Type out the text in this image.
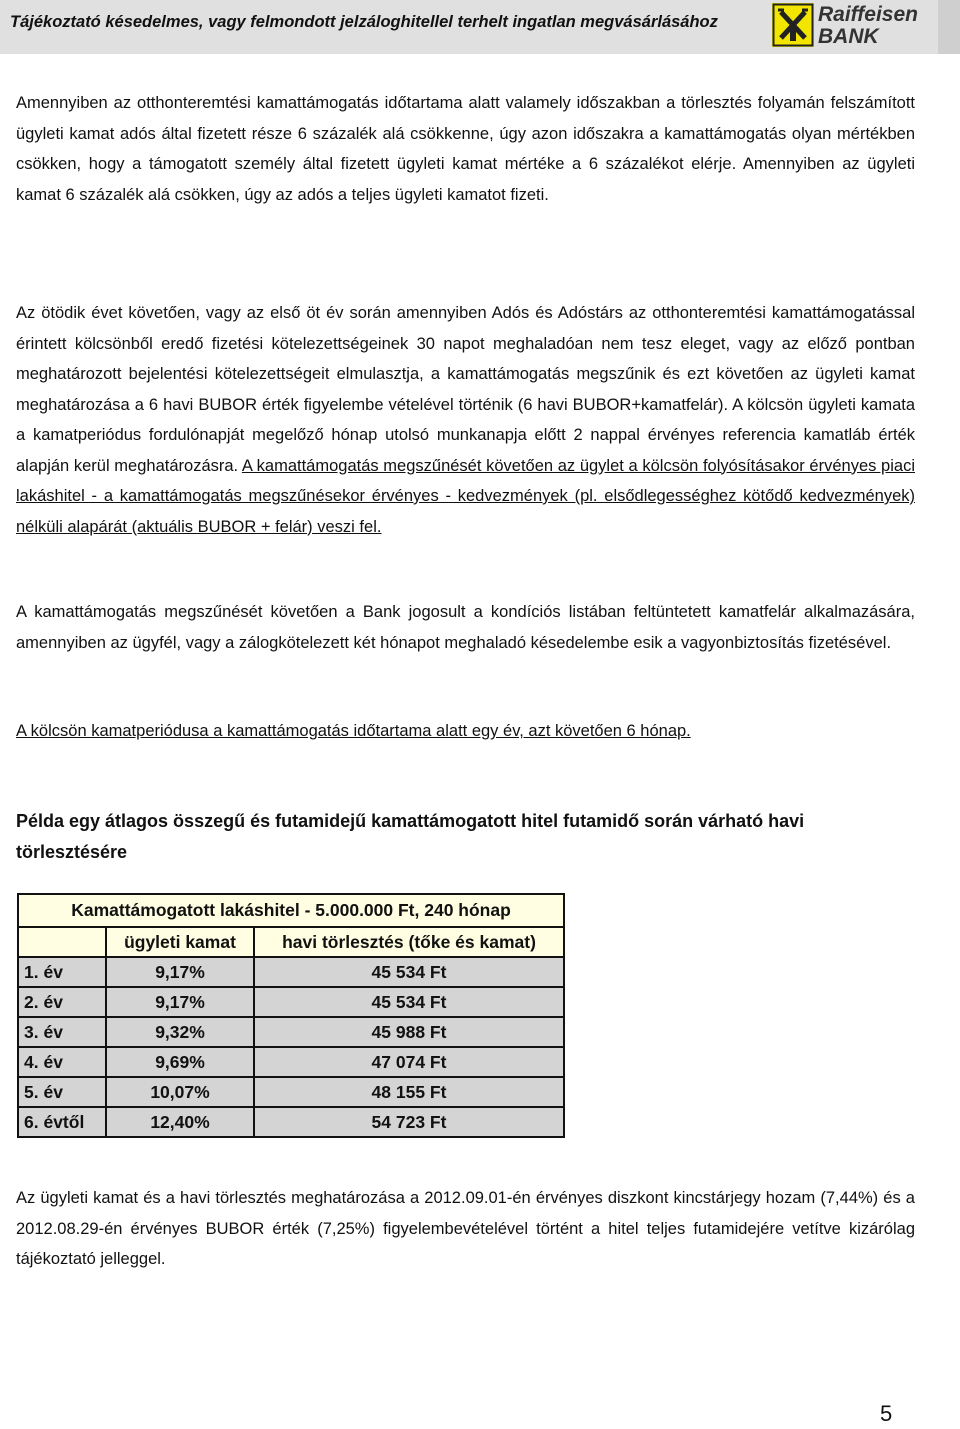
Tájékoztató késedelmes, vagy felmondott jelzáloghitellel terhelt ingatlan megvásárlásához	Raiffeisen
BANK

Amennyiben az otthonteremtési kamattámogatás időtartama alatt valamely időszakban a törlesztés folyamán felszámított ügyleti kamat adós által fizetett része 6 százalék alá csökkenne, úgy azon időszakra a kamattámogatás olyan mértékben csökken, hogy a támogatott személy által fizetett ügyleti kamat mértéke a 6 százalékot elérje. Amennyiben az ügyleti kamat 6 százalék alá csökken, úgy az adós a teljes ügyleti kamatot fizeti.

Az ötödik évet követően, vagy az első öt év során amennyiben Adós és Adóstárs az otthonteremtési kamattámogatással érintett kölcsönből eredő fizetési kötelezettségeinek 30 napot meghaladóan nem tesz eleget, vagy az előző pontban meghatározott bejelentési kötelezettségeit elmulasztja, a kamattámogatás megszűnik és ezt követően az ügyleti kamat meghatározása a 6 havi BUBOR érték figyelembe vételével történik (6 havi BUBOR+kamatfelár). A kölcsön ügyleti kamata a kamatperiódus fordulónapját megelőző hónap utolsó munkanapja előtt 2 nappal érvényes referencia kamatláb érték alapján kerül meghatározásra. A kamattámogatás megszűnését követően az ügylet a kölcsön folyósításakor érvényes piaci lakáshitel - a kamattámogatás megszűnésekor érvényes - kedvezmények (pl. elsődlegességhez kötődő kedvezmények) nélküli alapárát (aktuális BUBOR + felár) veszi fel.

A kamattámogatás megszűnését követően a Bank jogosult a kondíciós listában feltüntetett kamatfelár alkalmazására, amennyiben az ügyfél, vagy a zálogkötelezett két hónapot meghaladó késedelembe esik a vagyonbiztosítás fizetésével.

A kölcsön kamatperiódusa a kamattámogatás időtartama alatt egy év, azt követően 6 hónap.

Példa egy átlagos összegű és futamidejű kamattámogatott hitel futamidő során várható havi törlesztésére

Kamattámogatott lakáshitel - 5.000.000 Ft, 240 hónap		
	ügyleti kamat	havi törlesztés (tőke és kamat)
1. év	9,17%	45 534 Ft
2. év	9,17%	45 534 Ft
3. év	9,32%	45 988 Ft
4. év	9,69%	47 074 Ft
5. év	10,07%	48 155 Ft
6. évtől	12,40%	54 723 Ft

Az ügyleti kamat és a havi törlesztés meghatározása a 2012.09.01-én érvényes diszkont kincstárjegy hozam (7,44%) és a 2012.08.29-én érvényes BUBOR érték (7,25%) figyelembevételével történt a hitel teljes futamidejére vetítve kizárólag tájékoztató jelleggel.

5
